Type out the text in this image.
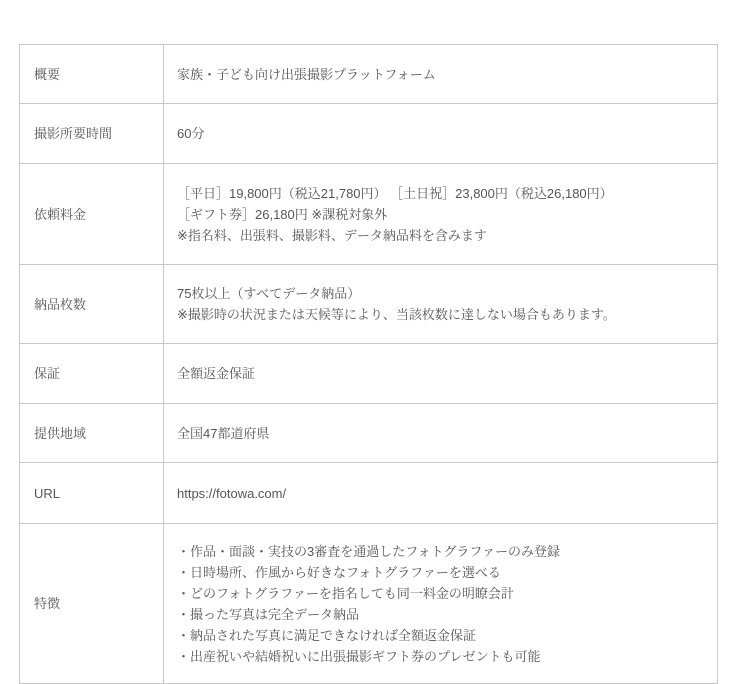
概要	家族・子ども向け出張撮影プラットフォーム

撮影所要時間	60分

依頼料金	［平日］19,800円（税込21,780円） ［土日祝］23,800円（税込26,180円）
［ギフト券］26,180円 ※課税対象外
※指名料、出張料、撮影料、データ納品料を含みます

納品枚数	75枚以上（すべてデータ納品）
※撮影時の状況または天候等により、当該枚数に達しない場合もあります。

保証	全額返金保証

提供地域	全国47都道府県

URL	https://fotowa.com/

特徴	
・作品・面談・実技の3審査を通過したフォトグラファーのみ登録
・日時場所、作風から好きなフォトグラファーを選べる
・どのフォトグラファーを指名しても同一料金の明瞭会計
・撮った写真は完全データ納品
・納品された写真に満足できなければ全額返金保証
・出産祝いや結婚祝いに出張撮影ギフト券のプレゼントも可能
